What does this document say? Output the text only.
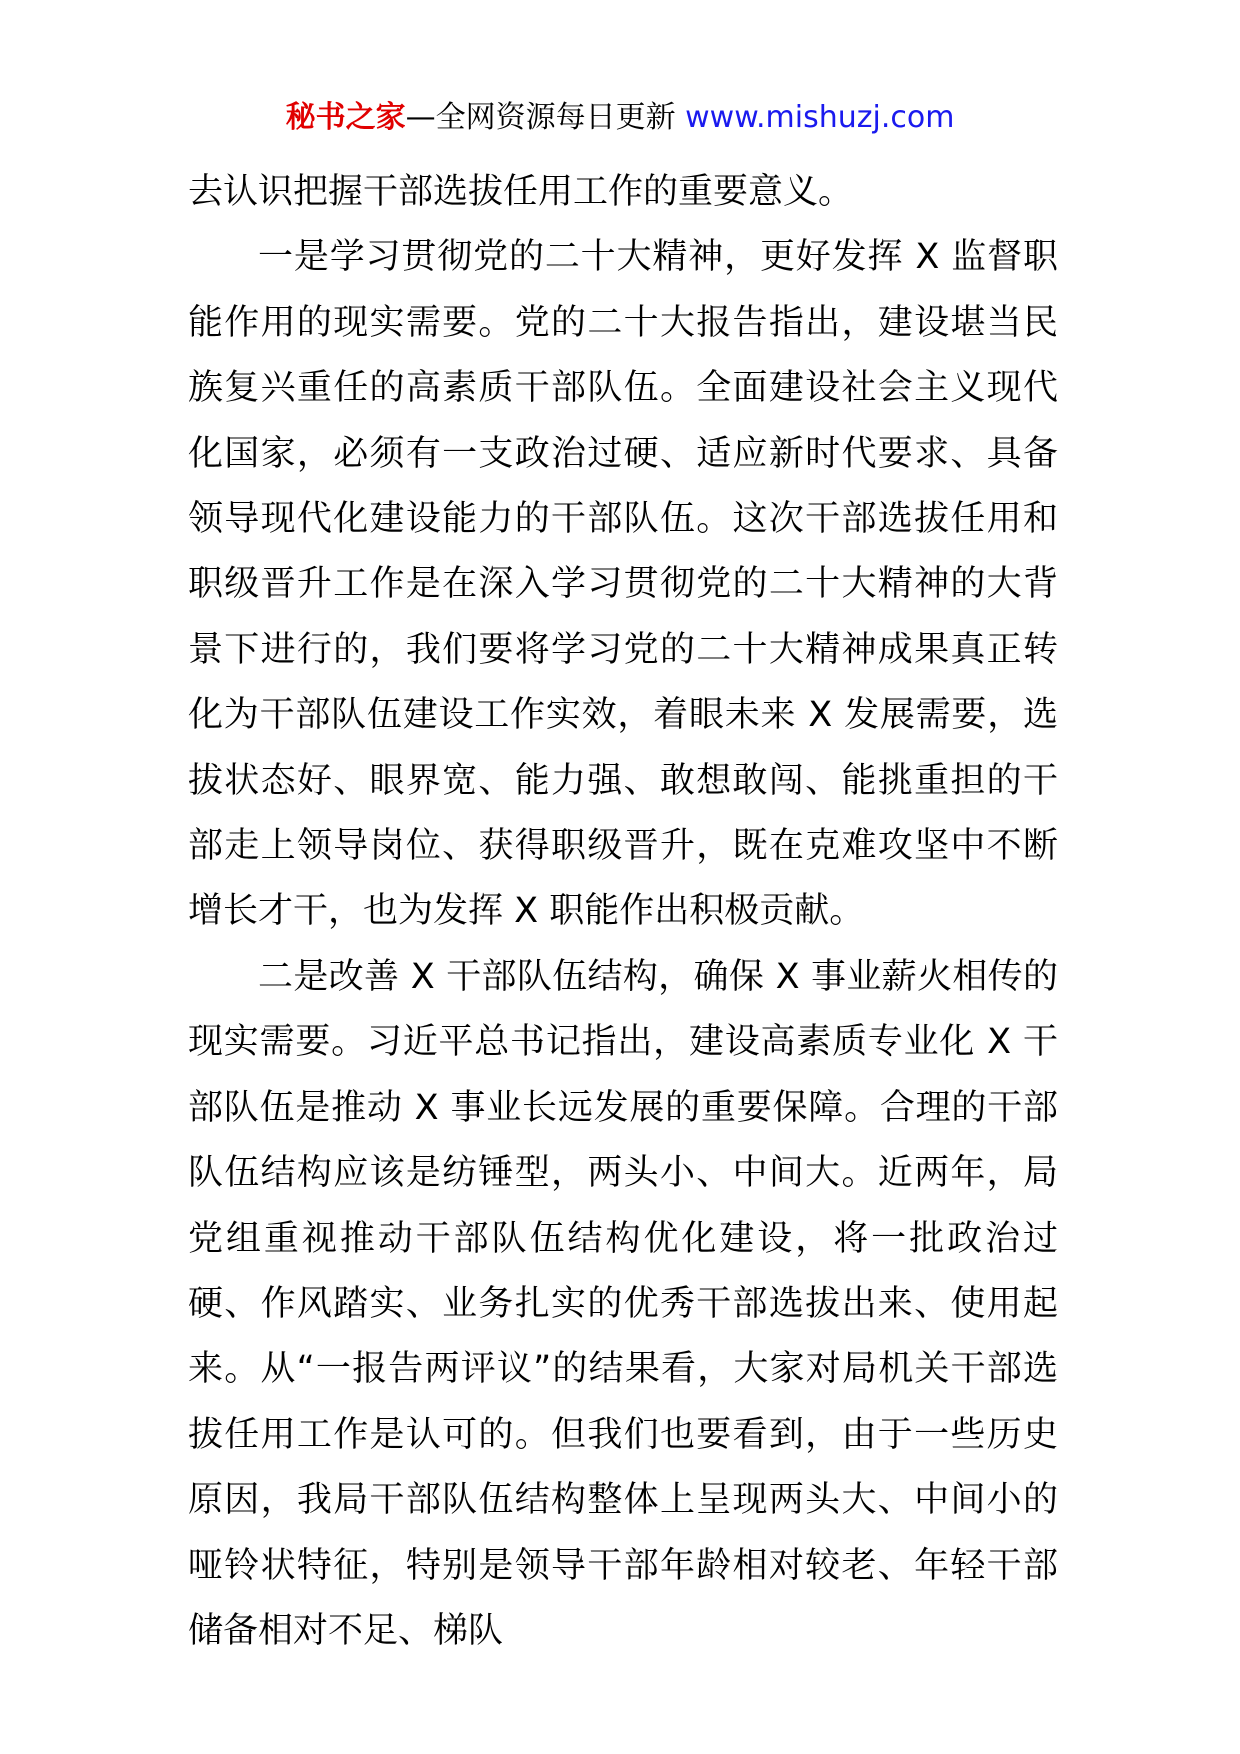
秘书之家—全网资源每日更新 www.mishuzj.com

去认识把握干部选拔任用工作的重要意义。

一是学习贯彻党的二十大精神，更好发挥 X 监督职能作用的现实需要。党的二十大报告指出，建设堪当民族复兴重任的高素质干部队伍。全面建设社会主义现代化国家，必须有一支政治过硬、适应新时代要求、具备领导现代化建设能力的干部队伍。这次干部选拔任用和职级晋升工作是在深入学习贯彻党的二十大精神的大背景下进行的，我们要将学习党的二十大精神成果真正转化为干部队伍建设工作实效，着眼未来 X 发展需要，选拔状态好、眼界宽、能力强、敢想敢闯、能挑重担的干部走上领导岗位、获得职级晋升，既在克难攻坚中不断增长才干，也为发挥 X 职能作出积极贡献。

二是改善 X 干部队伍结构，确保 X 事业薪火相传的现实需要。习近平总书记指出，建设高素质专业化 X 干部队伍是推动 X 事业长远发展的重要保障。合理的干部队伍结构应该是纺锤型，两头小、中间大。近两年，局党组重视推动干部队伍结构优化建设，将一批政治过硬、作风踏实、业务扎实的优秀干部选拔出来、使用起来。从“一报告两评议”的结果看，大家对局机关干部选拔任用工作是认可的。但我们也要看到，由于一些历史原因，我局干部队伍结构整体上呈现两头大、中间小的哑铃状特征，特别是领导干部年龄相对较老、年轻干部储备相对不足、梯队
